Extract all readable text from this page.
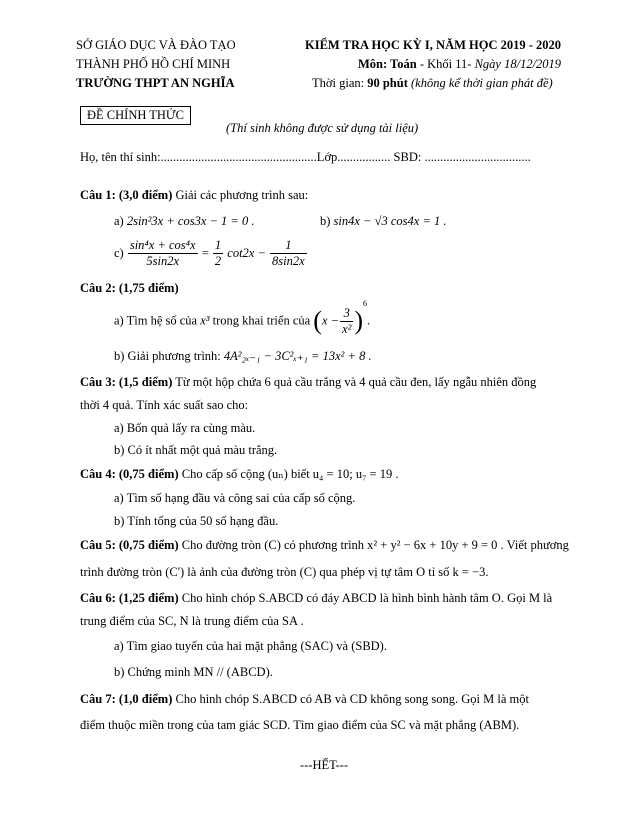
SỞ GIÁO DỤC VÀ ĐÀO TẠO
THÀNH PHỐ HỒ CHÍ MINH
TRƯỜNG THPT AN NGHĨA
KIỂM TRA HỌC KỲ I, NĂM HỌC 2019 - 2020
Môn: Toán - Khối 11- Ngày 18/12/2019
Thời gian: 90 phút (không kể thời gian phát đề)
ĐỀ CHÍNH THỨC
(Thí sinh không được sử dụng tài liệu)
Họ, tên thí sinh:..................................................Lớp................. SBD: ..................................
Câu 1: (3,0 điểm) Giải các phương trình sau:
a) 2sin²3x + cos3x − 1 = 0 .	b) sin4x − √3 cos4x = 1 .
$c) \frac{\text{sin⁴x + cos⁴x}}{5\sin 2x} = \frac{1}{2} \cot 2x - \frac{1}{8\sin 2x}$
Câu 2: (1,75 điểm)
a) Tìm hệ số của x³ trong khai triển của $(x - \frac{3}{\text{x²}} )^6$.
b) Giải phương trình: 4A²₂ₓ₋₁ − 3C²ₓ₊₁ = 13x² + 8 .
Câu 3: (1,5 điểm) Từ một hộp chứa 6 quả cầu trắng và 4 quả cầu đen, lấy ngẫu nhiên đồng
thời 4 quả. Tính xác suất sao cho:
a) Bốn quả lấy ra cùng màu.
b) Có ít nhất một quả màu trắng.
Câu 4: (0,75 điểm) Cho cấp số cộng (uₙ) biết u₄ = 10; u₇ = 19 .
a) Tìm số hạng đầu và công sai của cấp số cộng.
b) Tính tổng của 50 số hạng đầu.
Câu 5: (0,75 điểm) Cho đường tròn (C) có phương trình x² + y² − 6x + 10y + 9 = 0 . Viết phương
trình đường tròn (C') là ảnh của đường tròn (C) qua phép vị tự tâm O tỉ số k = −3.
Câu 6: (1,25 điểm) Cho hình chóp S.ABCD có đáy ABCD là hình bình hành tâm O. Gọi M là
trung điểm của SC, N là trung điểm của SA .
a) Tìm giao tuyến của hai mặt phẳng (SAC) và (SBD).
b) Chứng minh MN // (ABCD).
Câu 7: (1,0 điểm) Cho hình chóp S.ABCD có AB và CD không song song. Gọi M là một
điểm thuộc miền trong của tam giác SCD. Tìm giao điểm của SC và mặt phẳng (ABM).
---HẾT---
